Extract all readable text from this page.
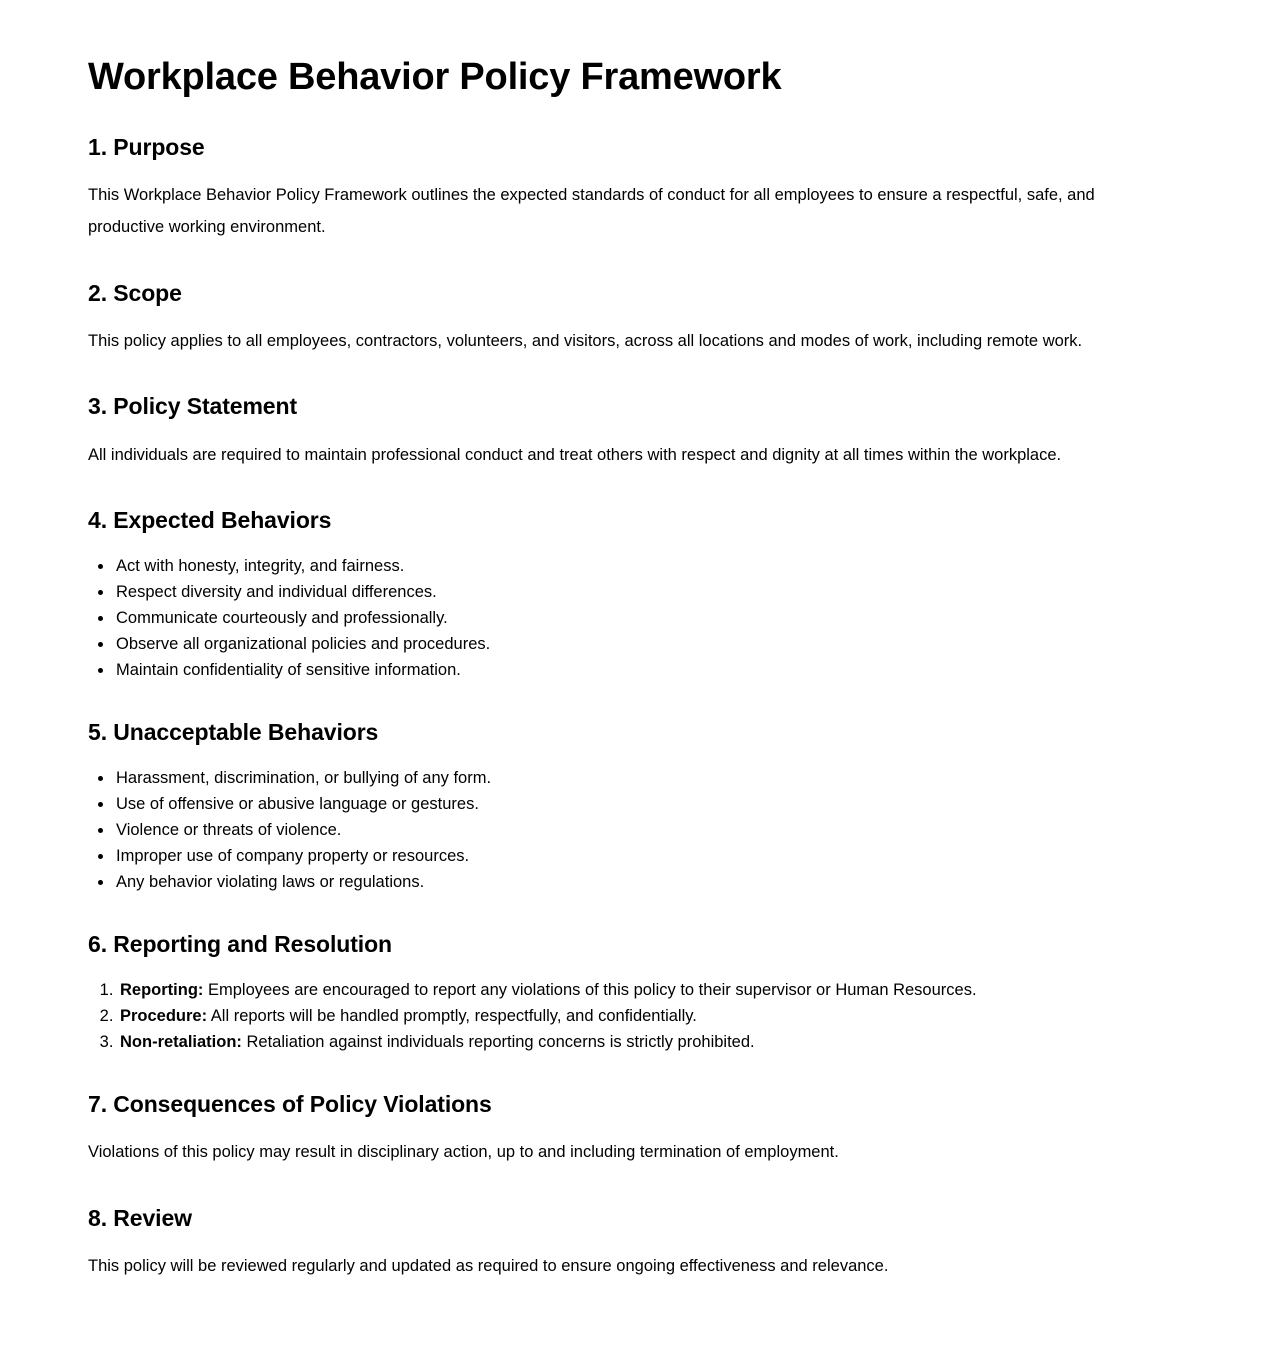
Workplace Behavior Policy Framework
1. Purpose

This Workplace Behavior Policy Framework outlines the expected standards of conduct for all employees to ensure a respectful, safe, and productive working environment.

2. Scope

This policy applies to all employees, contractors, volunteers, and visitors, across all locations and modes of work, including remote work.

3. Policy Statement

All individuals are required to maintain professional conduct and treat others with respect and dignity at all times within the workplace.

4. Expected Behaviors
• Act with honesty, integrity, and fairness.
• Respect diversity and individual differences.
• Communicate courteously and professionally.
• Observe all organizational policies and procedures.
• Maintain confidentiality of sensitive information.
5. Unacceptable Behaviors
• Harassment, discrimination, or bullying of any form.
• Use of offensive or abusive language or gestures.
• Violence or threats of violence.
• Improper use of company property or resources.
• Any behavior violating laws or regulations.
6. Reporting and Resolution
1. Reporting: Employees are encouraged to report any violations of this policy to their supervisor or Human Resources.
2. Procedure: All reports will be handled promptly, respectfully, and confidentially.
3. Non-retaliation: Retaliation against individuals reporting concerns is strictly prohibited.
7. Consequences of Policy Violations

Violations of this policy may result in disciplinary action, up to and including termination of employment.

8. Review

This policy will be reviewed regularly and updated as required to ensure ongoing effectiveness and relevance.
